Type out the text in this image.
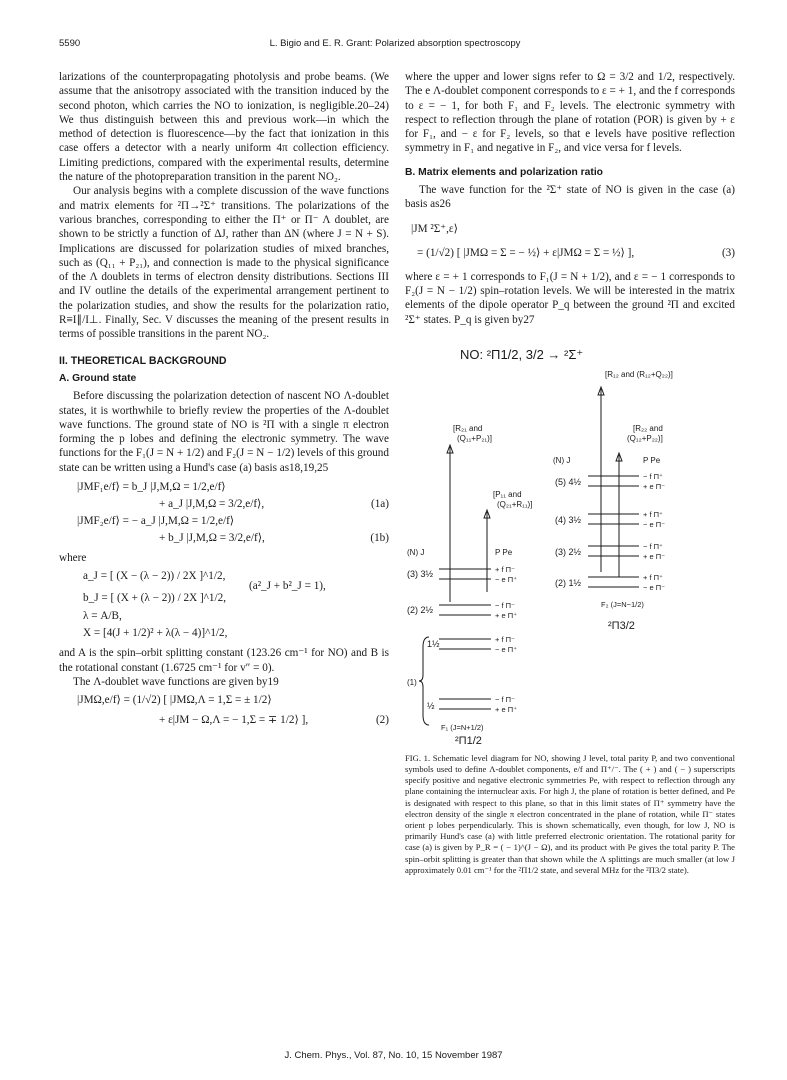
5590	L. Bigio and E. R. Grant: Polarized absorption spectroscopy

larizations of the counterpropagating photolysis and probe beams. (We assume that the anisotropy associated with the transition induced by the second photon, which carries the NO to ionization, is negligible.20–24) We thus distinguish between this and previous work—in which the method of detection is fluorescence—by the fact that ionization in this case offers a detector with a nearly uniform 4π collection efficiency. Limiting predictions, compared with the experimental results, determine the nature of the photopreparation transition in the parent NO₂.

Our analysis begins with a complete discussion of the wave functions and matrix elements for ²Π→²Σ⁺ transitions. The polarizations of the various branches, corresponding to either the Π⁺ or Π⁻ Λ doublet, are shown to be strictly a function of ΔJ, rather than ΔN (where J = N + S). Implications are discussed for polarization studies of mixed branches, such as (Q₁₁ + P₂₁), and connection is made to the physical significance of the Λ doublets in terms of electron density distributions. Sections III and IV outline the details of the experimental arrangement pertinent to the polarization studies, and show the results for the polarization ratio, R≡I∥/I⊥. Finally, Sec. V discusses the meaning of the present results in terms of possible transitions in the parent NO₂.

II. THEORETICAL BACKGROUND
A. Ground state

Before discussing the polarization detection of nascent NO Λ-doublet states, it is worthwhile to briefly review the properties of the Λ-doublet wave functions. The ground state of NO is ²Π with a single π electron forming the p lobes and defining the electronic symmetry. The wave functions for the F₁(J = N + 1/2) and F₂(J = N − 1/2) levels of this ground state can be written using a Hund's case (a) basis as18,19,25

|JMF₁e/f⟩ = b_J |J,M,Ω = 1/2,e/f⟩
+ a_J |J,M,Ω = 3/2,e/f⟩,	(1a)
|JMF₂e/f⟩ = − a_J |J,M,Ω = 1/2,e/f⟩
+ b_J |J,M,Ω = 3/2,e/f⟩,	(1b)

where

a_J = [ (X − (λ − 2)) / 2X ]^1/2,
b_J = [ (X + (λ − 2)) / 2X ]^1/2,
(a²_J + b²_J = 1),
λ = A/B,
X = [4(J + 1/2)² + λ(λ − 4)]^1/2,

and A is the spin–orbit splitting constant (123.26 cm⁻¹ for NO) and B is the rotational constant (1.6725 cm⁻¹ for v″ = 0).

The Λ-doublet wave functions are given by19

|JMΩ,e/f⟩ = (1/√2) [ |JMΩ,Λ = 1,Σ = ± 1/2⟩
+ ε|JM − Ω,Λ = − 1,Σ = ∓ 1/2⟩ ],	(2)

where the upper and lower signs refer to Ω = 3/2 and 1/2, respectively. The e Λ-doublet component corresponds to ε = + 1, and the f corresponds to ε = − 1, for both F₁ and F₂ levels. The electronic symmetry with respect to reflection through the plane of rotation (POR) is given by + ε for F₁, and − ε for F₂ levels, so that e levels have positive reflection symmetry in F₁ and negative in F₂, and vice versa for f levels.

B. Matrix elements and polarization ratio

The wave function for the ²Σ⁺ state of NO is given in the case (a) basis as26

|JM ²Σ⁺,ε⟩
= (1/√2) [ |JMΩ = Σ = − ½⟩ + ε|JMΩ = Σ = ½⟩ ],	(3)

where ε = + 1 corresponds to F₁(J = N + 1/2), and ε = − 1 corresponds to F₂(J = N − 1/2) spin–rotation levels. We will be interested in the matrix elements of the dipole operator P_q between the ground ²Π and excited ²Σ⁺ states. P_q is given by27

NO: ²Π1/2, 3/2 → ²Σ⁺
[R₁₂ and (R₁₂+Q₂₂)]
[R₂₁ and
(Q₁₁+P₂₁)]
[R₂₂ and
(Q₁₂+P₂₂)]
[P₁₁ and
(Q₂₁+R₁₁)]
(N) J	P Pe
(5) 4½
− f Π⁺
+ e Π⁻
(4) 3½
+ f Π⁺
− e Π⁻
(3) 2½
− f Π⁺
+ e Π⁻
(2) 1½
+ f Π⁺
− e Π⁻
F₂ (J=N−1/2)
²Π3/2
(N) J	P Pe
(3) 3½	+ f Π⁻
− e Π⁺
(2) 2½	− f Π⁻
+ e Π⁺
(1)
1½	+ f Π⁻
− e Π⁺
½
− f Π⁻
+ e Π⁺
F₁ (J=N+1/2)
²Π1/2

FIG. 1. Schematic level diagram for NO, showing J level, total parity P, and two conventional symbols used to define Λ-doublet components, e/f and Π⁺/⁻. The ( + ) and ( − ) superscripts specify positive and negative electronic symmetries Pe, with respect to reflection through any plane containing the internuclear axis. For high J, the plane of rotation is better defined, and Pe is designated with respect to this plane, so that in this limit states of Π⁺ symmetry have the electron density of the single π electron concentrated in the plane of rotation, while Π⁻ states orient p lobes perpendicularly. This is shown schematically, even though, for low J, NO is primarily Hund's case (a) with little preferred electronic orientation. The rotational parity for case (a) is given by P_R = ( − 1)^(J − Ω), and its product with Pe gives the total parity P. The spin–orbit splitting is greater than that shown while the Λ splittings are much smaller (at low J approximately 0.01 cm⁻¹ for the ²Π1/2 state, and several MHz for the ²Π3/2 state).

J. Chem. Phys., Vol. 87, No. 10, 15 November 1987
